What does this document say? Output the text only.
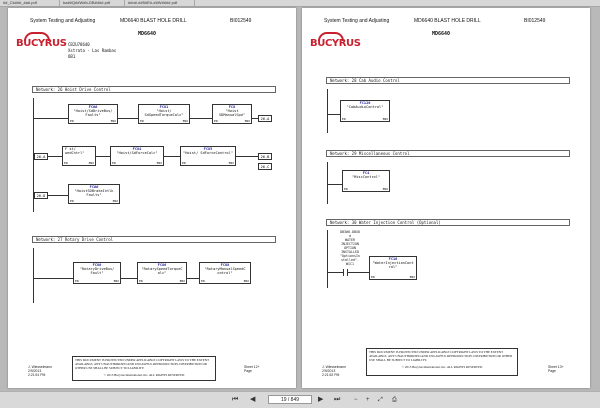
##_Ck###_#a#.pdf	ba##Q##W#b-DB#4##.pdf	##n#-##5#E#-##W####.pdf
System Testing and Adjusting	MD6640 BLAST HOLE DRILL	BI012549
BUCYRUS
MD6640
CB2U78640
Xstrata - Las Rambas
OB1
Network: 26 Hoist Drive Control
FC##
"Hoist/SdDriveBus/ Faults"
EN	ENO
FC81
"Hoist/ SdSpeedTorqueCalc"
EN	ENO
FC8
"Hoist SDManualSpd"
EN	ENO	26.A
26.A
F st/ wedCntrl"
EN	ENO
FC84
"Hoist/SdForceCalc"
EN	ENO
FC85
"Hoist/ SdForceControl"
EN	ENO
26.B
26.C
26.D
FC##
"HoistSDBrakeIntlk Faults"
EN	ENO
Network: 27 Rotary Drive Control
FC86
"RotaryDriveBus/ Fault"
EN	ENO
FC86
"RotarySpeedTorqueC alc"
EN	ENO
FC88
"RotaryManualSpeedC ontrol"
EN	ENO
J. Wiesselmann
2/9/2013
2:21:51 PM
THIS DOCUMENT IS PROTECTED UNDER APPLICABLE COPYRIGHT LAWS TO THE EXTENT AVAILABLE, ANY UNAUTHORIZED AND UNLAWFUL REPRODUCTION, DISTRIBUTION OR OTHER USE SHALL BE SUBJECT TO LIABILITY.
© 2013 Bucyrus International, Inc. ALL RIGHTS RESERVED
Sheet 12+
Page
System Testing and Adjusting	MD6640 BLAST HOLE DRILL	BI012549
BUCYRUS
MD6640
Network: 28 Cab Audio Control
FC126
"CabAudioControl"
EN	ENO
Network: 29 Miscellaneous Control
FC4
"MiscControl"
EN	ENO
Network: 30 Water Injection Control (Optional)
DB3#0.DBX8
d
WATER
INJECTION
OPTION
INSTALLED
"OptionsIn
stalled".
WIC1
FC16
"WaterInjectionCont rol"
EN	ENO
J. Wiesselmann
2/9/2013
2:21:52 PM
THIS DOCUMENT IS PROTECTED UNDER APPLICABLE COPYRIGHT LAWS TO THE EXTENT AVAILABLE, ANY UNAUTHORIZED AND UNLAWFUL REPRODUCTION, DISTRIBUTION OR OTHER USE SHALL BE SUBJECT TO LIABILITY.
© 2013 Bucyrus International, Inc. ALL RIGHTS RESERVED	Sheet 13+
Page
⏮ ◀	19 / 849	▶ ⏭ − + ⤢ ⎙
